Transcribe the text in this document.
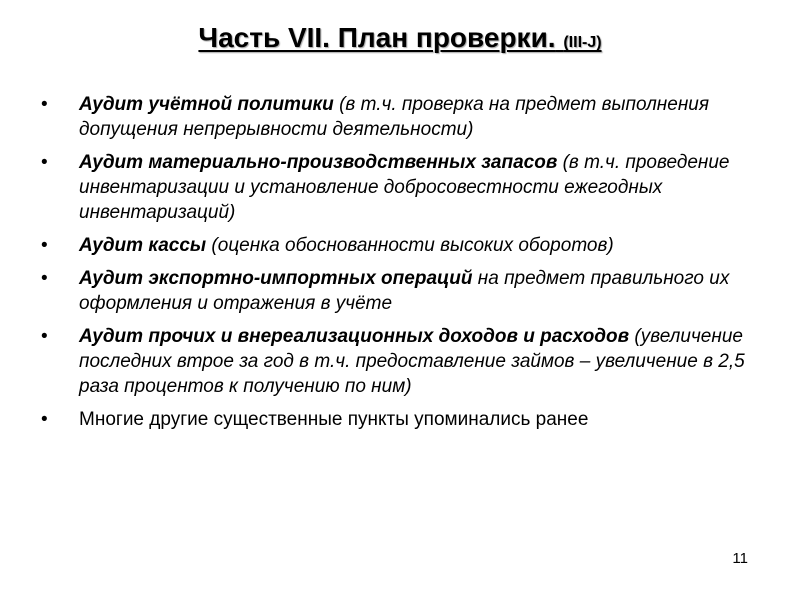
Часть VII. План проверки. (III-J)
• Аудит учётной политики (в т.ч. проверка на предмет выполнения допущения непрерывности деятельности)
• Аудит материально-производственных запасов (в т.ч. проведение инвентаризации и установление добросовестности ежегодных инвентаризаций)
• Аудит кассы (оценка обоснованности высоких оборотов)
• Аудит экспортно-импортных операций на предмет правильного их оформления и отражения в учёте
• Аудит прочих и внереализационных доходов и расходов (увеличение последних втрое за год в т.ч. предоставление займов – увеличение в 2,5 раза процентов к получению по ним)
• Многие другие существенные пункты упоминались ранее
11
